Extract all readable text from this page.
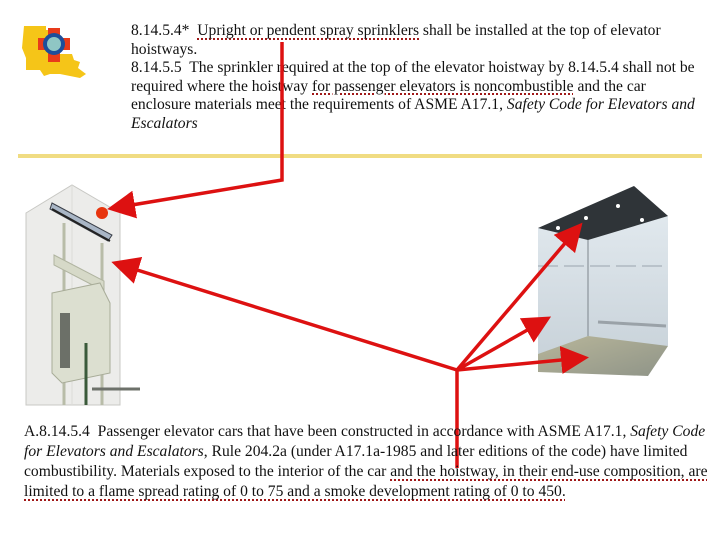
8.14.5.4* Upright or pendent spray sprinklers shall be installed at the top of elevator hoistways.

8.14.5.5 The sprinkler required at the top of the elevator hoistway by 8.14.5.4 shall not be required where the hoistway for passenger elevators is noncombustible and the car enclosure materials meet the requirements of ASME A17.1, Safety Code for Elevators and Escalators

A.8.14.5.4 Passenger elevator cars that have been constructed in accordance with ASME A17.1, Safety Code for Elevators and Escalators, Rule 204.2a (under A17.1a-1985 and later editions of the code) have limited combustibility. Materials exposed to the interior of the car and the hoistway, in their end-use composition, are limited to a flame spread rating of 0 to 75 and a smoke development rating of 0 to 450.
